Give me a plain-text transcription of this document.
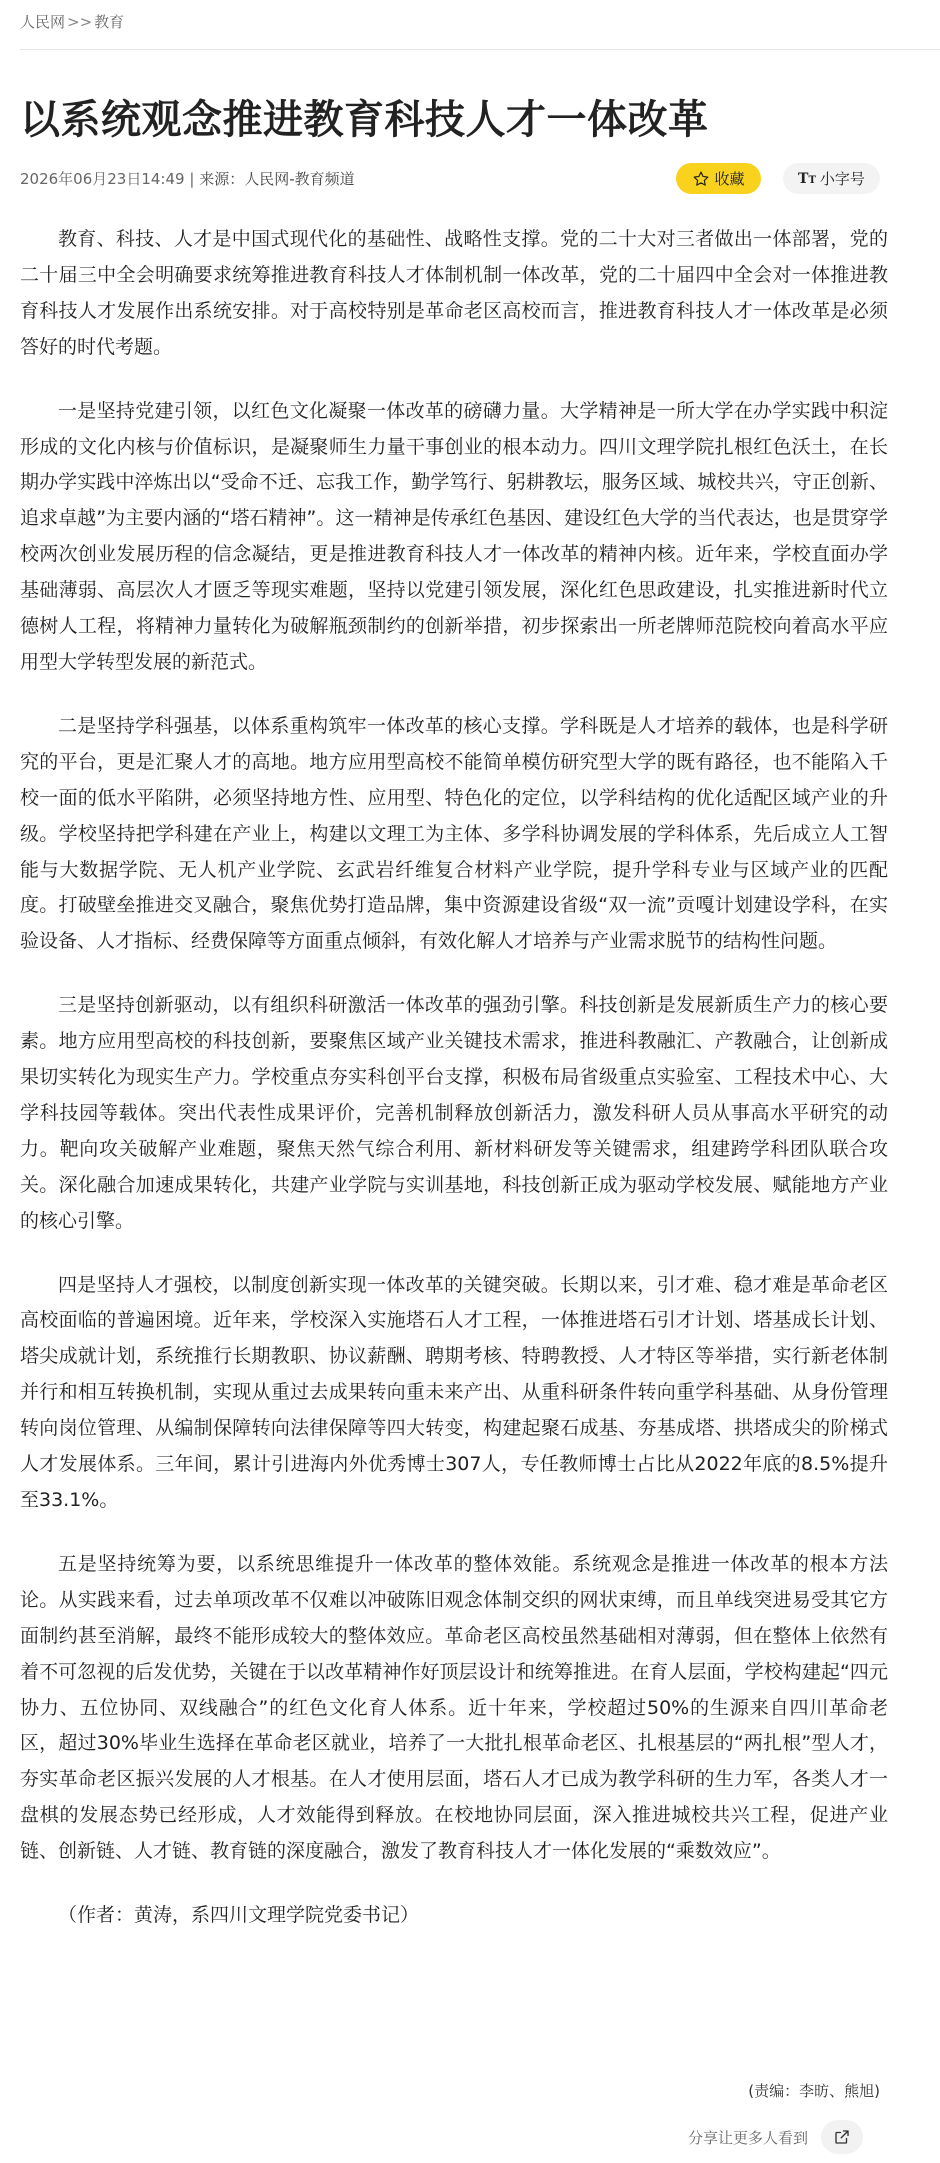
人民网 >> 教育
以系统观念推进教育科技人才一体改革
2026年06月23日14:49 | 来源：人民网-教育频道	收藏	TT 小字号

教育、科技、人才是中国式现代化的基础性、战略性支撑。党的二十大对三者做出一体部署，党的二十届三中全会明确要求统筹推进教育科技人才体制机制一体改革，党的二十届四中全会对一体推进教育科技人才发展作出系统安排。对于高校特别是革命老区高校而言，推进教育科技人才一体改革是必须答好的时代考题。

一是坚持党建引领，以红色文化凝聚一体改革的磅礴力量。大学精神是一所大学在办学实践中积淀形成的文化内核与价值标识，是凝聚师生力量干事创业的根本动力。四川文理学院扎根红色沃土，在长期办学实践中淬炼出以“受命不迁、忘我工作，勤学笃行、躬耕教坛，服务区域、城校共兴，守正创新、追求卓越”为主要内涵的“塔石精神”。这一精神是传承红色基因、建设红色大学的当代表达，也是贯穿学校两次创业发展历程的信念凝结，更是推进教育科技人才一体改革的精神内核。近年来，学校直面办学基础薄弱、高层次人才匮乏等现实难题，坚持以党建引领发展，深化红色思政建设，扎实推进新时代立德树人工程，将精神力量转化为破解瓶颈制约的创新举措，初步探索出一所老牌师范院校向着高水平应用型大学转型发展的新范式。

二是坚持学科强基，以体系重构筑牢一体改革的核心支撑。学科既是人才培养的载体，也是科学研究的平台，更是汇聚人才的高地。地方应用型高校不能简单模仿研究型大学的既有路径，也不能陷入千校一面的低水平陷阱，必须坚持地方性、应用型、特色化的定位，以学科结构的优化适配区域产业的升级。学校坚持把学科建在产业上，构建以文理工为主体、多学科协调发展的学科体系，先后成立人工智能与大数据学院、无人机产业学院、玄武岩纤维复合材料产业学院，提升学科专业与区域产业的匹配度。打破壁垒推进交叉融合，聚焦优势打造品牌，集中资源建设省级“双一流”贡嘎计划建设学科，在实验设备、人才指标、经费保障等方面重点倾斜，有效化解人才培养与产业需求脱节的结构性问题。

三是坚持创新驱动，以有组织科研激活一体改革的强劲引擎。科技创新是发展新质生产力的核心要素。地方应用型高校的科技创新，要聚焦区域产业关键技术需求，推进科教融汇、产教融合，让创新成果切实转化为现实生产力。学校重点夯实科创平台支撑，积极布局省级重点实验室、工程技术中心、大学科技园等载体。突出代表性成果评价，完善机制释放创新活力，激发科研人员从事高水平研究的动力。靶向攻关破解产业难题，聚焦天然气综合利用、新材料研发等关键需求，组建跨学科团队联合攻关。深化融合加速成果转化，共建产业学院与实训基地，科技创新正成为驱动学校发展、赋能地方产业的核心引擎。

四是坚持人才强校，以制度创新实现一体改革的关键突破。长期以来，引才难、稳才难是革命老区高校面临的普遍困境。近年来，学校深入实施塔石人才工程，一体推进塔石引才计划、塔基成长计划、塔尖成就计划，系统推行长期教职、协议薪酬、聘期考核、特聘教授、人才特区等举措，实行新老体制并行和相互转换机制，实现从重过去成果转向重未来产出、从重科研条件转向重学科基础、从身份管理转向岗位管理、从编制保障转向法律保障等四大转变，构建起聚石成基、夯基成塔、拱塔成尖的阶梯式人才发展体系。三年间，累计引进海内外优秀博士307人，专任教师博士占比从2022年底的8.5%提升至33.1%。

五是坚持统筹为要，以系统思维提升一体改革的整体效能。系统观念是推进一体改革的根本方法论。从实践来看，过去单项改革不仅难以冲破陈旧观念体制交织的网状束缚，而且单线突进易受其它方面制约甚至消解，最终不能形成较大的整体效应。革命老区高校虽然基础相对薄弱，但在整体上依然有着不可忽视的后发优势，关键在于以改革精神作好顶层设计和统筹推进。在育人层面，学校构建起“四元协力、五位协同、双线融合”的红色文化育人体系。近十年来，学校超过50%的生源来自四川革命老区，超过30%毕业生选择在革命老区就业，培养了一大批扎根革命老区、扎根基层的“两扎根”型人才，夯实革命老区振兴发展的人才根基。在人才使用层面，塔石人才已成为教学科研的生力军，各类人才一盘棋的发展态势已经形成，人才效能得到释放。在校地协同层面，深入推进城校共兴工程，促进产业链、创新链、人才链、教育链的深度融合，激发了教育科技人才一体化发展的“乘数效应”。

（作者：黄涛，系四川文理学院党委书记）

(责编：李昉、熊旭)
分享让更多人看到
